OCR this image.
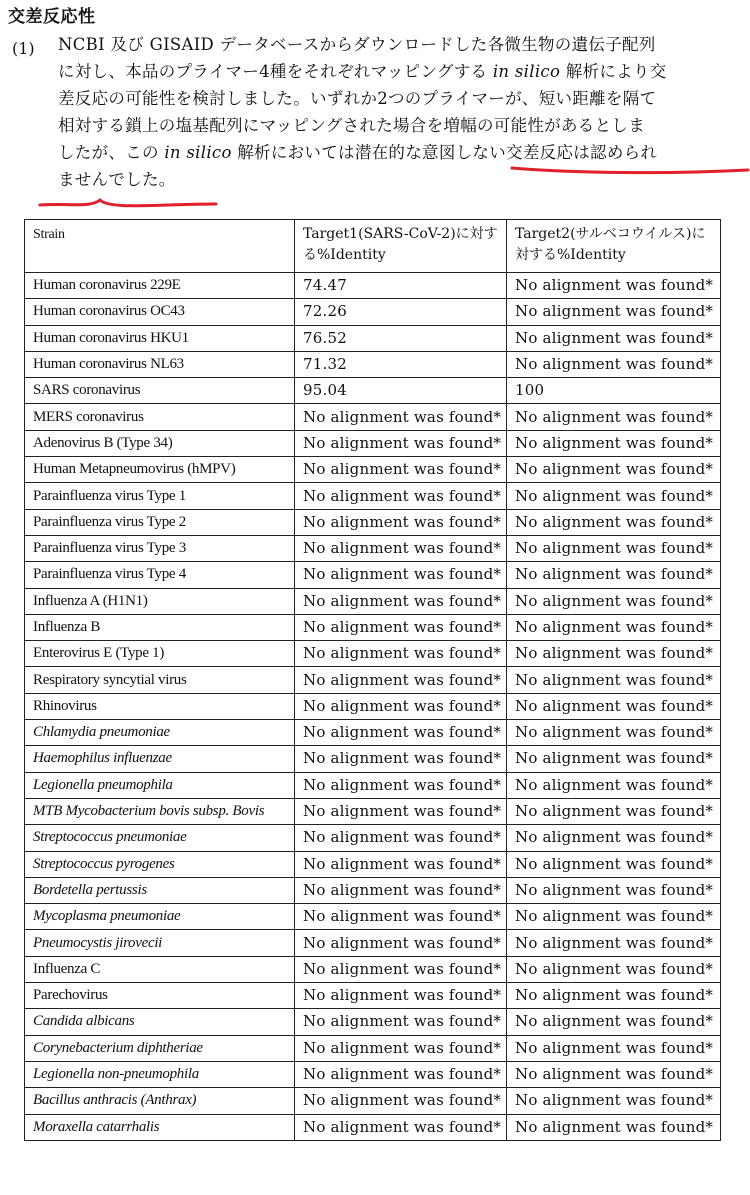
交差反応性
(1) NCBI 及び GISAID データベースからダウンロードした各微生物の遺伝子配列
に対し、本品のプライマー4種をそれぞれマッピングする in silico 解析により交
差反応の可能性を検討しました。いずれか2つのプライマーが、短い距離を隔て
相対する鎖上の塩基配列にマッピングされた場合を増幅の可能性があるとしま
したが、この in silico 解析においては潜在的な意図しない交差反応は認められ
ませんでした。
Strain	Target1(SARS-CoV-2)に対する%Identity	Target2(サルベコウイルス)に対する%Identity
Human coronavirus 229E	74.47	No alignment was found*
Human coronavirus OC43	72.26	No alignment was found*
Human coronavirus HKU1	76.52	No alignment was found*
Human coronavirus NL63	71.32	No alignment was found*
SARS coronavirus	95.04	100
MERS coronavirus	No alignment was found*	No alignment was found*
Adenovirus B (Type 34)	No alignment was found*	No alignment was found*
Human Metapneumovirus (hMPV)	No alignment was found*	No alignment was found*
Parainfluenza virus Type 1	No alignment was found*	No alignment was found*
Parainfluenza virus Type 2	No alignment was found*	No alignment was found*
Parainfluenza virus Type 3	No alignment was found*	No alignment was found*
Parainfluenza virus Type 4	No alignment was found*	No alignment was found*
Influenza A (H1N1)	No alignment was found*	No alignment was found*
Influenza B	No alignment was found*	No alignment was found*
Enterovirus E (Type 1)	No alignment was found*	No alignment was found*
Respiratory syncytial virus	No alignment was found*	No alignment was found*
Rhinovirus	No alignment was found*	No alignment was found*
Chlamydia pneumoniae	No alignment was found*	No alignment was found*
Haemophilus influenzae	No alignment was found*	No alignment was found*
Legionella pneumophila	No alignment was found*	No alignment was found*
MTB Mycobacterium bovis subsp. Bovis	No alignment was found*	No alignment was found*
Streptococcus pneumoniae	No alignment was found*	No alignment was found*
Streptococcus pyrogenes	No alignment was found*	No alignment was found*
Bordetella pertussis	No alignment was found*	No alignment was found*
Mycoplasma pneumoniae	No alignment was found*	No alignment was found*
Pneumocystis jirovecii	No alignment was found*	No alignment was found*
Influenza C	No alignment was found*	No alignment was found*
Parechovirus	No alignment was found*	No alignment was found*
Candida albicans	No alignment was found*	No alignment was found*
Corynebacterium diphtheriae	No alignment was found*	No alignment was found*
Legionella non-pneumophila	No alignment was found*	No alignment was found*
Bacillus anthracis (Anthrax)	No alignment was found*	No alignment was found*
Moraxella catarrhalis	No alignment was found*	No alignment was found*
